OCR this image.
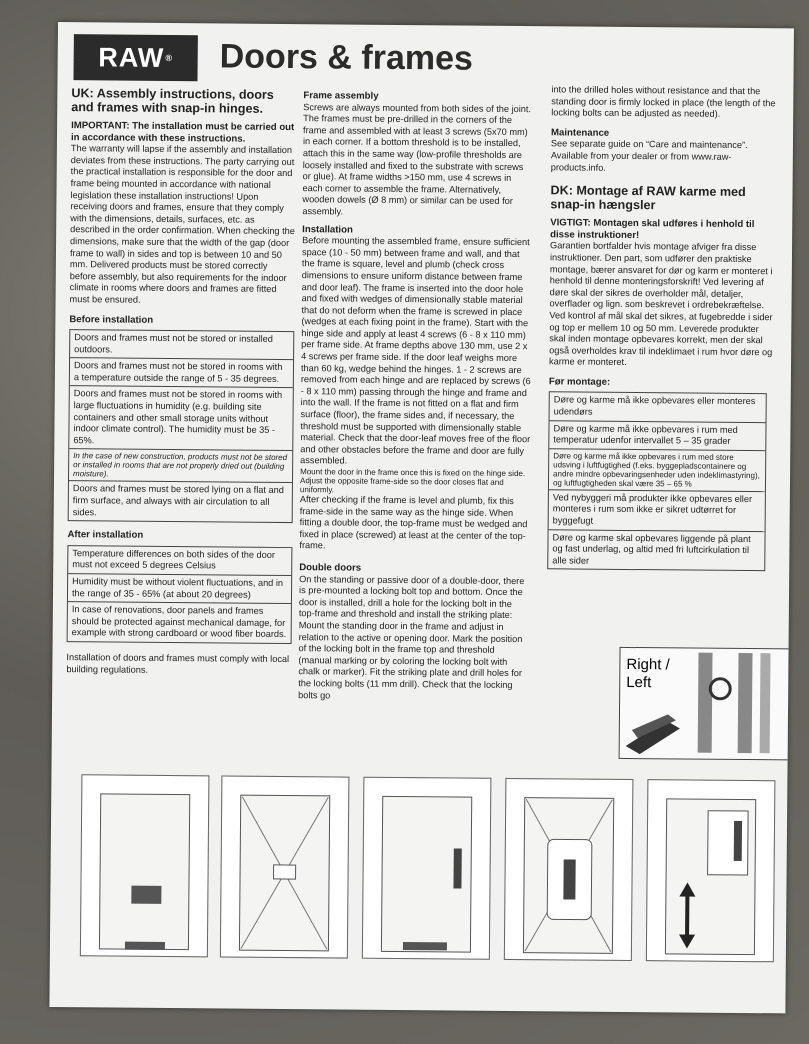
RAW®	Doors & frames
UK: Assembly instructions, doors and frames with snap-in hinges.
IMPORTANT: The installation must be carried out in accordance with these instructions.

The warranty will lapse if the assembly and installation deviates from these instructions. The party carrying out the practical installation is responsible for the door and frame being mounted in accordance with national legislation these installation instructions! Upon receiving doors and frames, ensure that they comply with the dimensions, details, surfaces, etc. as described in the order confirmation. When checking the dimensions, make sure that the width of the gap (door frame to wall) in sides and top is between 10 and 50 mm. Delivered products must be stored correctly before assembly, but also requirements for the indoor climate in rooms where doors and frames are fitted must be ensured.

Before installation
Doors and frames must not be stored or installed outdoors.
Doors and frames must not be stored in rooms with a temperature outside the range of 5 - 35 degrees.
Doors and frames must not be stored in rooms with large fluctuations in humidity (e.g. building site containers and other small storage units without indoor climate control). The humidity must be 35 - 65%.
In the case of new construction, products must not be stored or installed in rooms that are not properly dried out (building moisture).
Doors and frames must be stored lying on a flat and firm surface, and always with air circulation to all sides.
After installation
Temperature differences on both sides of the door must not exceed 5 degrees Celsius
Humidity must be without violent fluctuations, and in the range of 35 - 65% (at about 20 degrees)
In case of renovations, door panels and frames should be protected against mechanical damage, for example with strong cardboard or wood fiber boards.

Installation of doors and frames must comply with local building regulations.

Frame assembly

Screws are always mounted from both sides of the joint. The frames must be pre-drilled in the corners of the frame and assembled with at least 3 screws (5x70 mm) in each corner. If a bottom threshold is to be installed, attach this in the same way (low-profile thresholds are loosely installed and fixed to the substrate with screws or glue). At frame widths >150 mm, use 4 screws in each corner to assemble the frame. Alternatively, wooden dowels (Ø 8 mm) or similar can be used for assembly.

Installation

Before mounting the assembled frame, ensure sufficient space (10 - 50 mm) between frame and wall, and that the frame is square, level and plumb (check cross dimensions to ensure uniform distance between frame and door leaf). The frame is inserted into the door hole and fixed with wedges of dimensionally stable material that do not deform when the frame is screwed in place (wedges at each fixing point in the frame). Start with the hinge side and apply at least 4 screws (6 - 8 x 110 mm) per frame side. At frame depths above 130 mm, use 2 x 4 screws per frame side. If the door leaf weighs more than 60 kg, wedge behind the hinges. 1 - 2 screws are removed from each hinge and are replaced by screws (6 - 8 x 110 mm) passing through the hinge and frame and into the wall. If the frame is not fitted on a flat and firm surface (floor), the frame sides and, if necessary, the threshold must be supported with dimensionally stable material. Check that the door-leaf moves free of the floor and other obstacles before the frame and door are fully assembled.

Mount the door in the frame once this is fixed on the hinge side. Adjust the opposite frame-side so the door closes flat and uniformly.

After checking if the frame is level and plumb, fix this frame-side in the same way as the hinge side. When fitting a double door, the top-frame must be wedged and fixed in place (screwed) at least at the center of the top-frame.

Double doors

On the standing or passive door of a double-door, there is pre-mounted a locking bolt top and bottom. Once the door is installed, drill a hole for the locking bolt in the top-frame and threshold and install the striking plate: Mount the standing door in the frame and adjust in relation to the active or opening door. Mark the position of the locking bolt in the frame top and threshold (manual marking or by coloring the locking bolt with chalk or marker). Fit the striking plate and drill holes for the locking bolts (11 mm drill). Check that the locking bolts go

into the drilled holes without resistance and that the standing door is firmly locked in place (the length of the locking bolts can be adjusted as needed).

Maintenance

See separate guide on “Care and maintenance”. Available from your dealer or from www.raw-products.info.

DK: Montage af RAW karme med snap-in hængsler
VIGTIGT: Montagen skal udføres i henhold til disse instruktioner!

Garantien bortfalder hvis montage afviger fra disse instruktioner. Den part, som udfører den praktiske montage, bærer ansvaret for dør og karm er monteret i henhold til denne monteringsforskrift! Ved levering af døre skal der sikres de overholder mål, detaljer, overflader og lign. som beskrevet i ordrebekræftelse. Ved kontrol af mål skal det sikres, at fugebredde i sider og top er mellem 10 og 50 mm. Leverede produkter skal inden montage opbevares korrekt, men der skal også overholdes krav til indeklimaet i rum hvor døre og karme er monteret.

Før montage:
Døre og karme må ikke opbevares eller monteres udendørs
Døre og karme må ikke opbevares i rum med temperatur udenfor intervallet 5 – 35 grader
Døre og karme må ikke opbevares i rum med store udsving i luftfugtighed (f.eks. byggepladscontainere og andre mindre opbevaringsenheder uden indeklimastyring), og luftfugtigheden skal være 35 – 65 %
Ved nybyggeri må produkter ikke opbevares eller monteres i rum som ikke er sikret udtørret for byggefugt
Døre og karme skal opbevares liggende på plant og fast underlag, og altid med fri luftcirkulation til alle sider
Right /
Left
